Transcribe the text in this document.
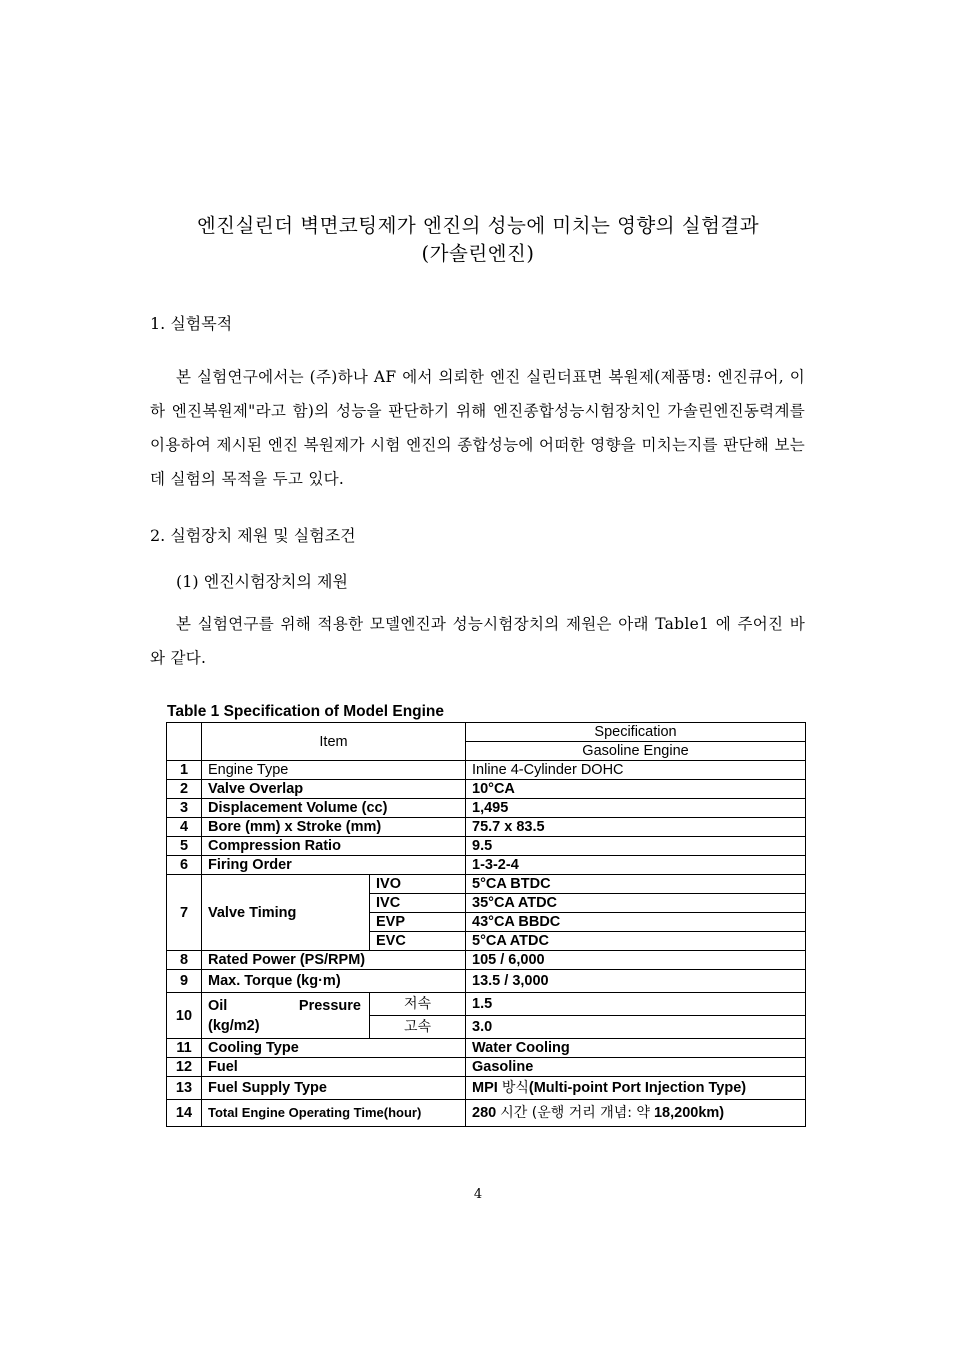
엔진실린더 벽면코팅제가 엔진의 성능에 미치는 영향의 실험결과
(가솔린엔진)
1. 실험목적

본 실험연구에서는 (주)하나 AF 에서 의뢰한 엔진 실린더표면 복원제(제품명: 엔진큐어, 이하 엔진복원제"라고 함)의 성능을 판단하기 위해 엔진종합성능시험장치인 가솔린엔진동력계를 이용하여 제시된 엔진 복원제가 시험 엔진의 종합성능에 어떠한 영향을 미치는지를 판단해 보는데 실험의 목적을 두고 있다.

2. 실험장치 제원 및 실험조건
(1) 엔진시험장치의 제원

본 실험연구를 위해 적용한 모델엔진과 성능시험장치의 제원은 아래 Table1 에 주어진 바와 같다.

Table 1 Specification of Model Engine
	Item		Specification
			Gasoline Engine
1	Engine Type		Inline 4-Cylinder DOHC
2	Valve Overlap		10°CA
3	Displacement Volume (cc)		1,495
4	Bore (mm) x Stroke (mm)		75.7 x 83.5
5	Compression Ratio		9.5
6	Firing Order		1-3-2-4
7	Valve Timing	IVO	5°CA BTDC
		IVC	35°CA ATDC
		EVP	43°CA BBDC
		EVC	5°CA ATDC
8	Rated Power (PS/RPM)		105 / 6,000
9	Max. Torque (kg·m)		13.5 / 3,000
10	Oil Pressure
(kg/m2)	저속	1.5
		고속	3.0
11	Cooling Type		Water Cooling
12	Fuel		Gasoline
13	Fuel Supply Type		MPI 방식(Multi-point Port Injection Type)
14	Total Engine Operating Time(hour)		280 시간 (운행 거리 개념: 약 18,200km)
4
